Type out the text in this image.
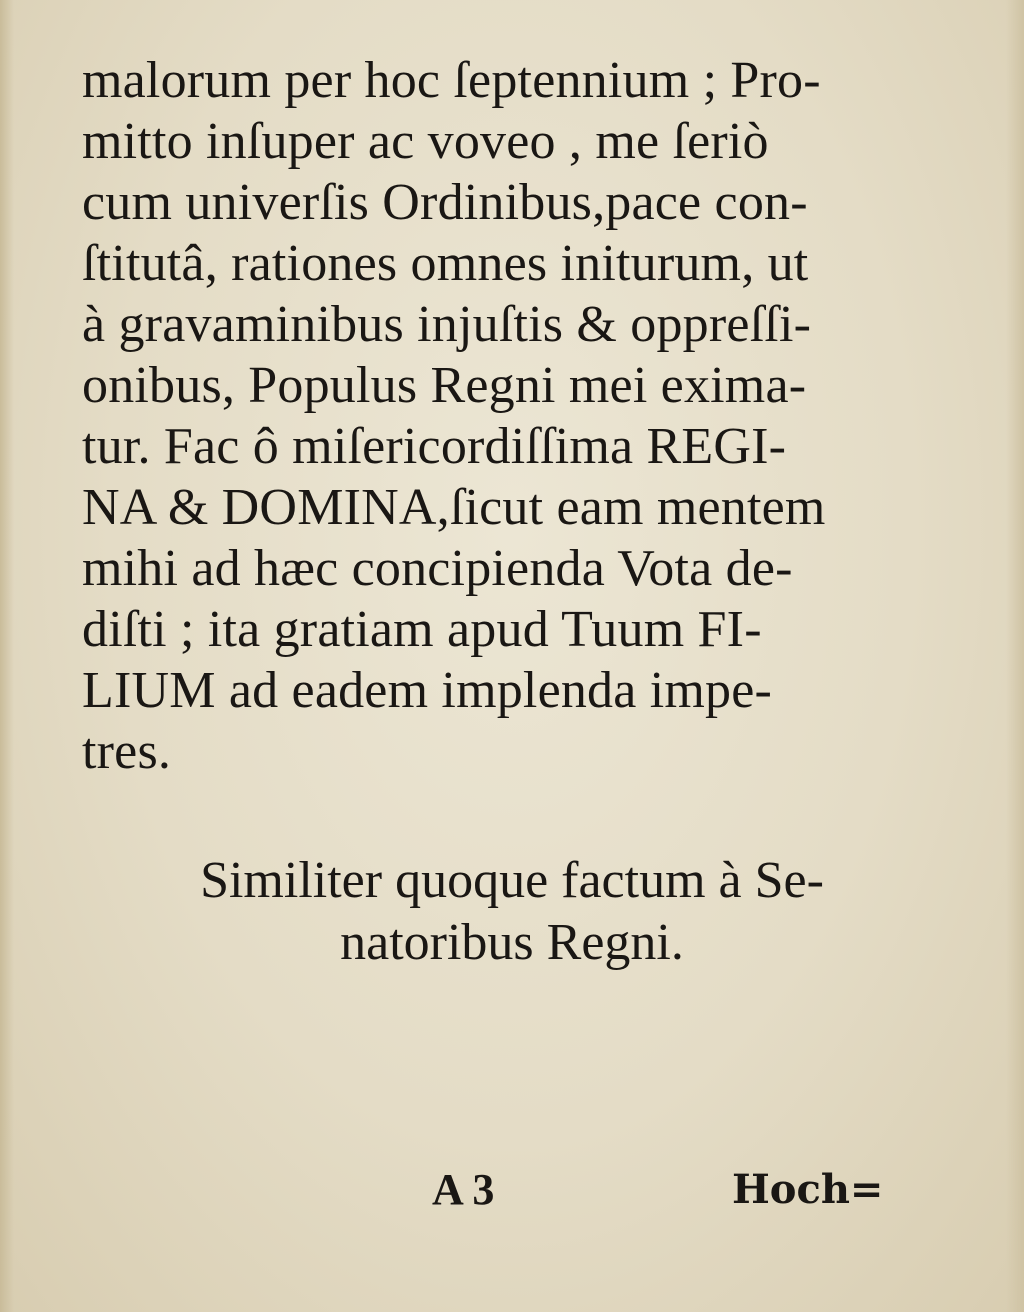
malorum per hoc ſeptennium ; Pro-
mitto inſuper ac voveo , me ſeriò
cum univerſis Ordinibus,pace con-
ſtitutâ, rationes omnes initurum, ut
à gravaminibus injuſtis & oppreſſi-
onibus, Populus Regni mei exima-
tur. Fac ô miſericordiſſima REGI-
NA & DOMINA,ſicut eam mentem
mihi ad hæc concipienda Vota de-
diſti ; ita gratiam apud Tuum FI-
LIUM ad eadem implenda impe-
tres.
Similiter quoque factum à Se-
natoribus Regni.
A 3	Hoch=
